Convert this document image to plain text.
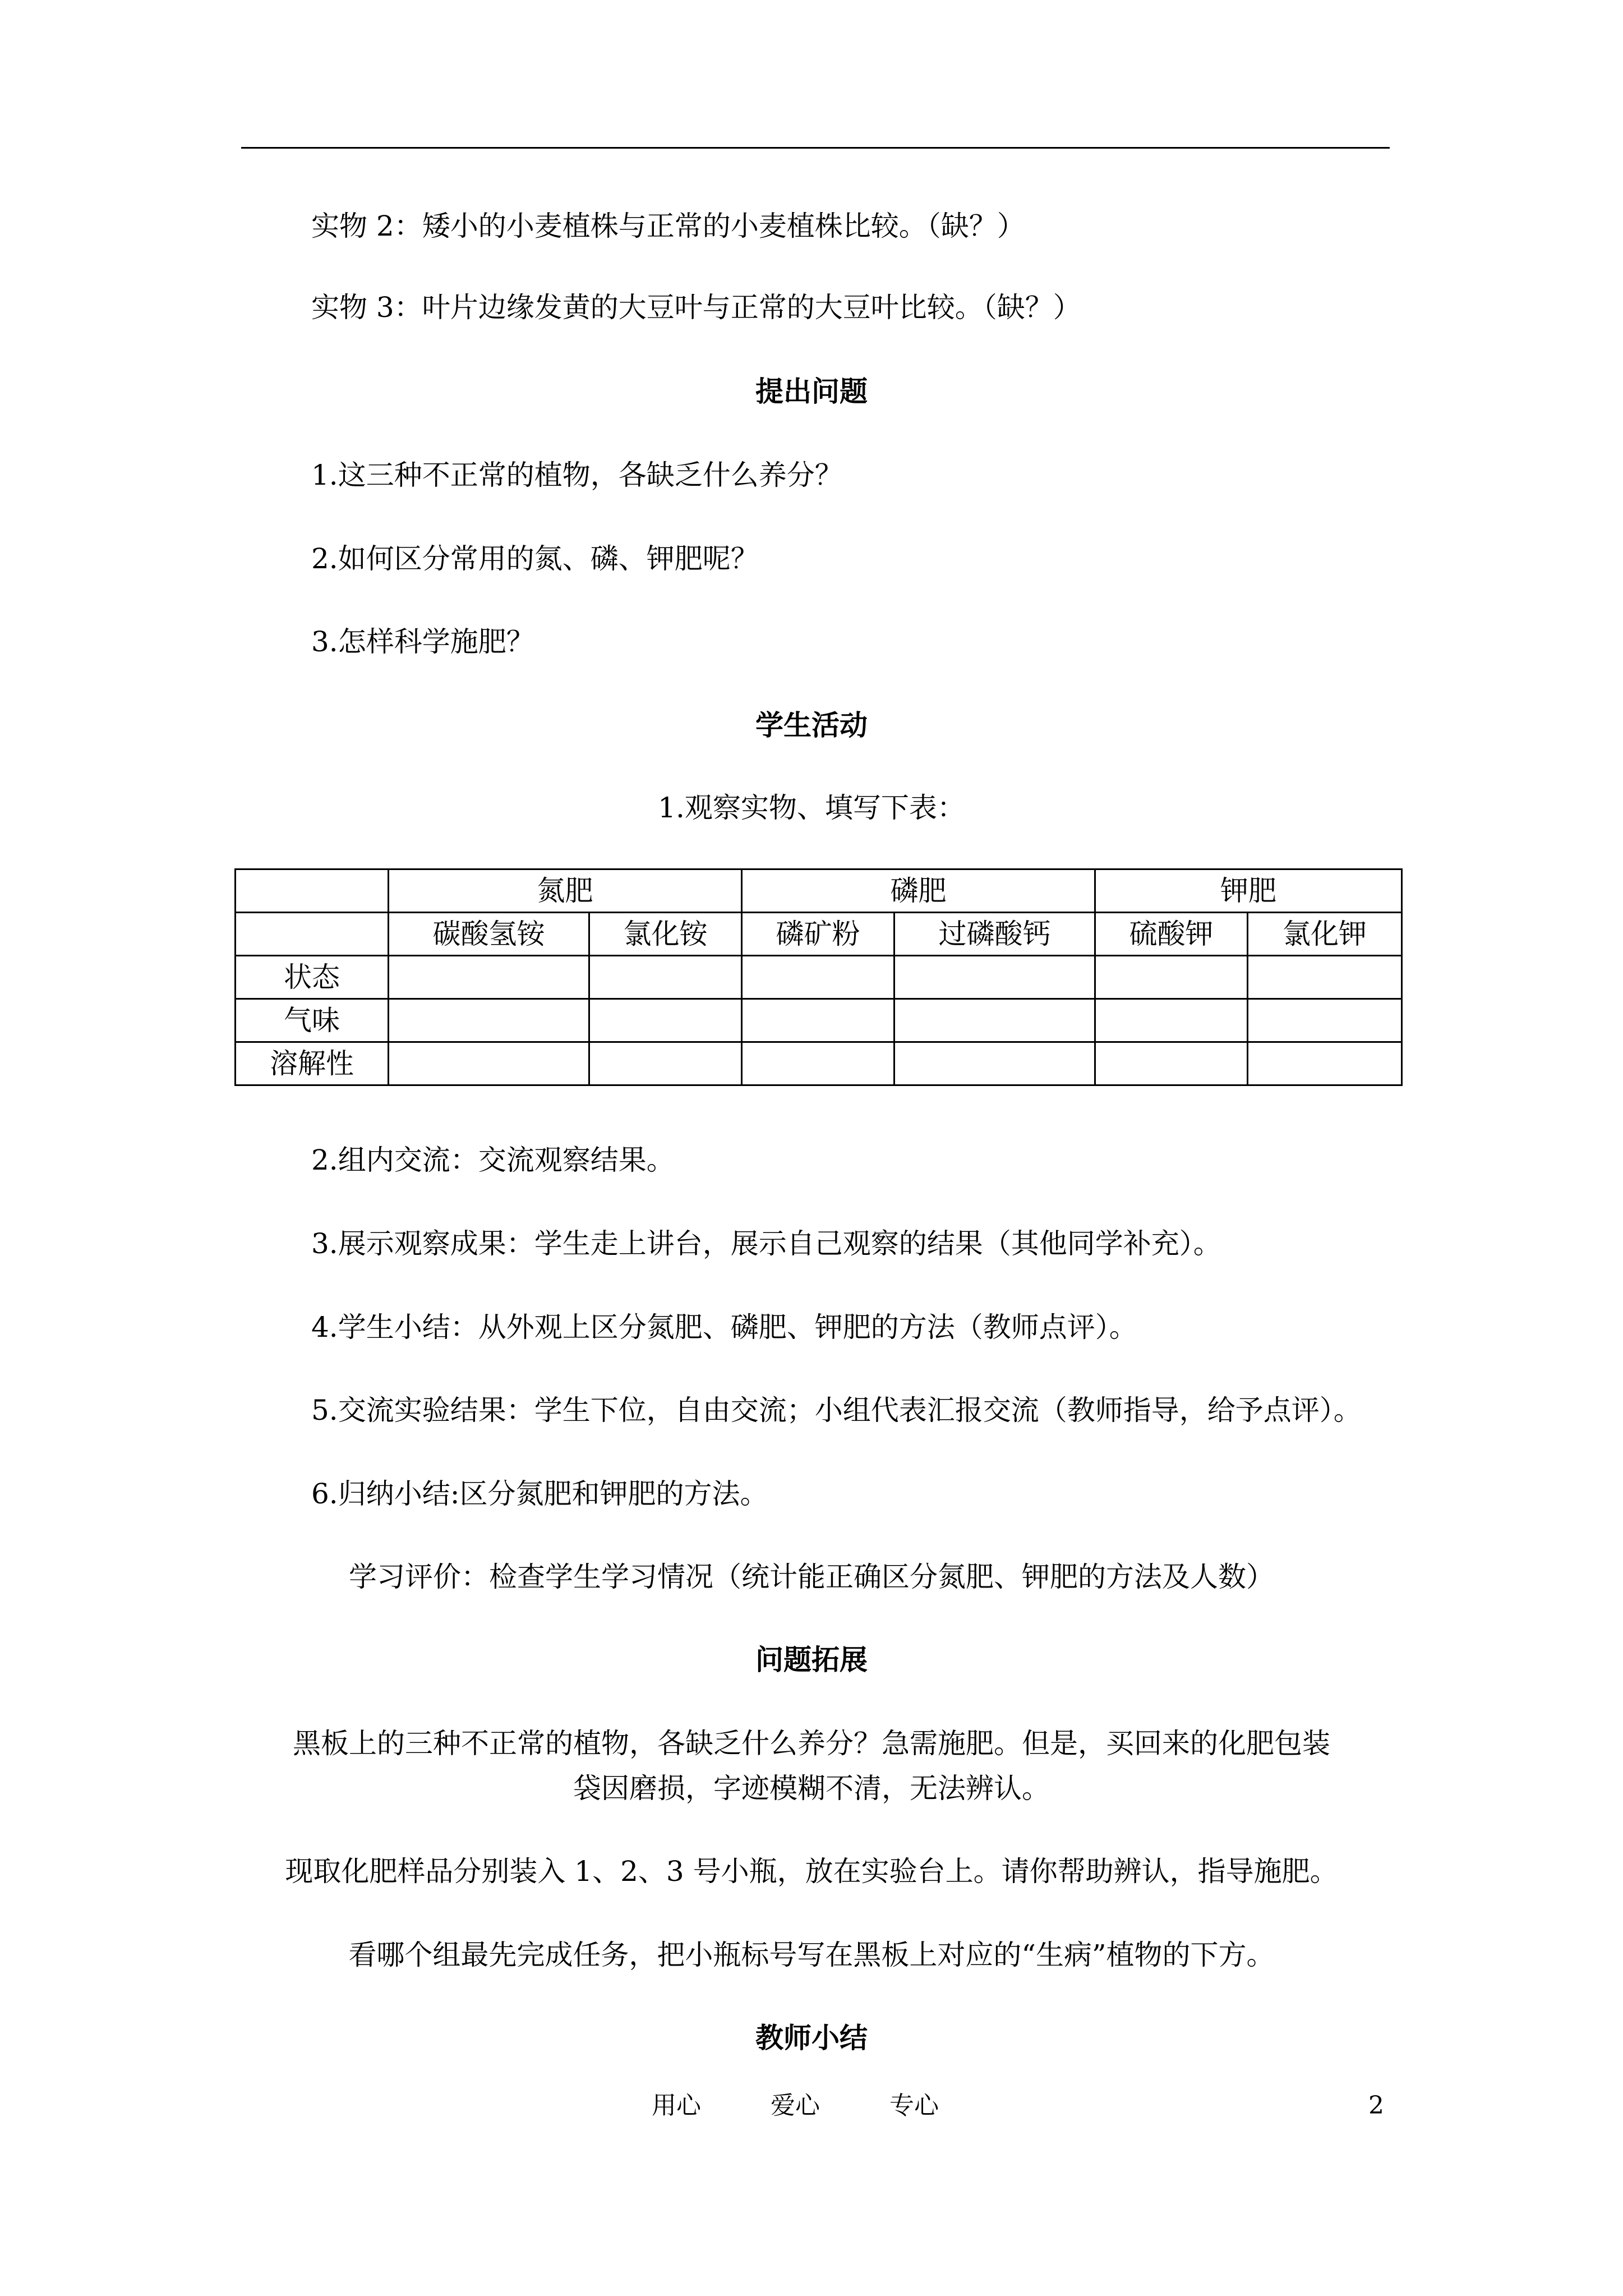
实物 2：矮小的小麦植株与正常的小麦植株比较。（缺？）
实物 3：叶片边缘发黄的大豆叶与正常的大豆叶比较。（缺？）
提出问题
1.这三种不正常的植物，各缺乏什么养分？
2.如何区分常用的氮、磷、钾肥呢？
3.怎样科学施肥？
学生活动
1.观察实物、填写下表：
	氮肥		磷肥		钾肥	
	碳酸氢铵	氯化铵	磷矿粉	过磷酸钙	硫酸钾	氯化钾
状态						
气味						
溶解性						
2.组内交流：交流观察结果。
3.展示观察成果：学生走上讲台，展示自己观察的结果（其他同学补充）。
4.学生小结：从外观上区分氮肥、磷肥、钾肥的方法（教师点评）。
5.交流实验结果：学生下位，自由交流；小组代表汇报交流（教师指导，给予点评）。
6.归纳小结:区分氮肥和钾肥的方法。
学习评价：检查学生学习情况（统计能正确区分氮肥、钾肥的方法及人数）
问题拓展
黑板上的三种不正常的植物，各缺乏什么养分？急需施肥。但是，买回来的化肥包装
袋因磨损，字迹模糊不清，无法辨认。
现取化肥样品分别装入 1、2、3 号小瓶，放在实验台上。请你帮助辨认，指导施肥。
看哪个组最先完成任务，把小瓶标号写在黑板上对应的“生病”植物的下方。
教师小结
用心	爱心	专心	2
